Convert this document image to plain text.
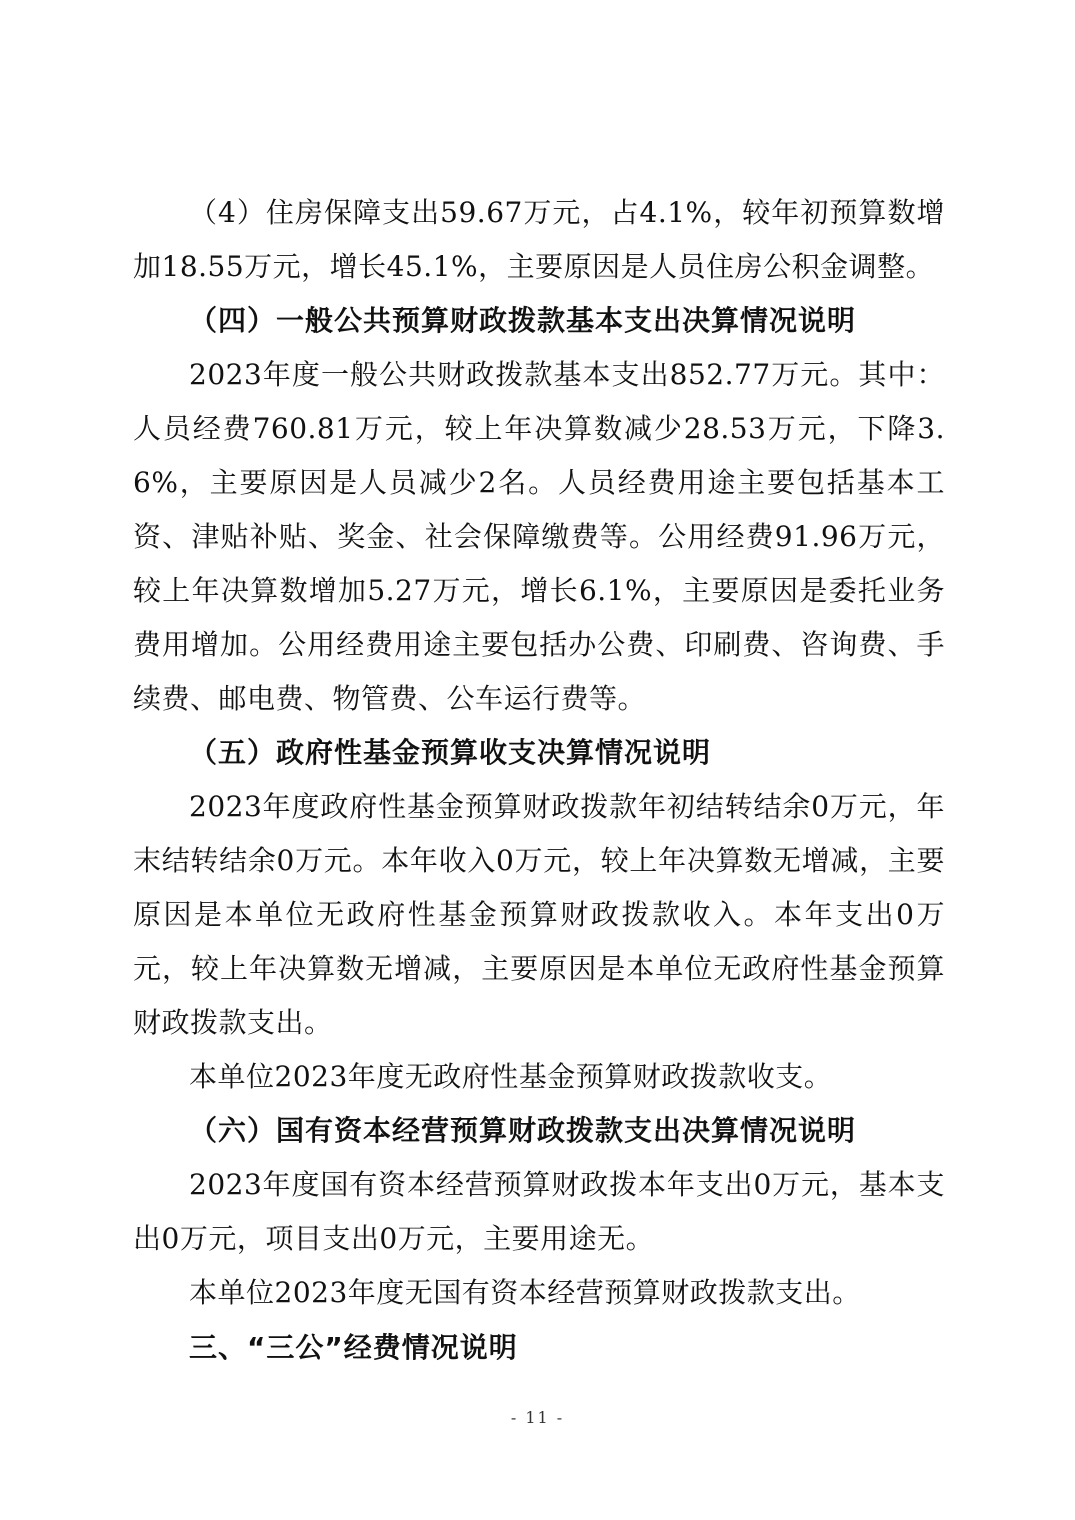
（4）住房保障支出59.67万元，占4.1%，较年初预算数增加18.55万元，增长45.1%，主要原因是人员住房公积金调整。

（四）一般公共预算财政拨款基本支出决算情况说明

2023年度一般公共财政拨款基本支出852.77万元。其中：人员经费760.81万元，较上年决算数减少28.53万元，下降3.6%，主要原因是人员减少2名。人员经费用途主要包括基本工资、津贴补贴、奖金、社会保障缴费等。公用经费91.96万元，较上年决算数增加5.27万元，增长6.1%，主要原因是委托业务费用增加。公用经费用途主要包括办公费、印刷费、咨询费、手续费、邮电费、物管费、公车运行费等。

（五）政府性基金预算收支决算情况说明

2023年度政府性基金预算财政拨款年初结转结余0万元，年末结转结余0万元。本年收入0万元，较上年决算数无增减，主要原因是本单位无政府性基金预算财政拨款收入。本年支出0万元，较上年决算数无增减，主要原因是本单位无政府性基金预算财政拨款支出。

本单位2023年度无政府性基金预算财政拨款收支。

（六）国有资本经营预算财政拨款支出决算情况说明

2023年度国有资本经营预算财政拨本年支出0万元，基本支出0万元，项目支出0万元，主要用途无。

本单位2023年度无国有资本经营预算财政拨款支出。

三、“三公”经费情况说明

- 11 -
